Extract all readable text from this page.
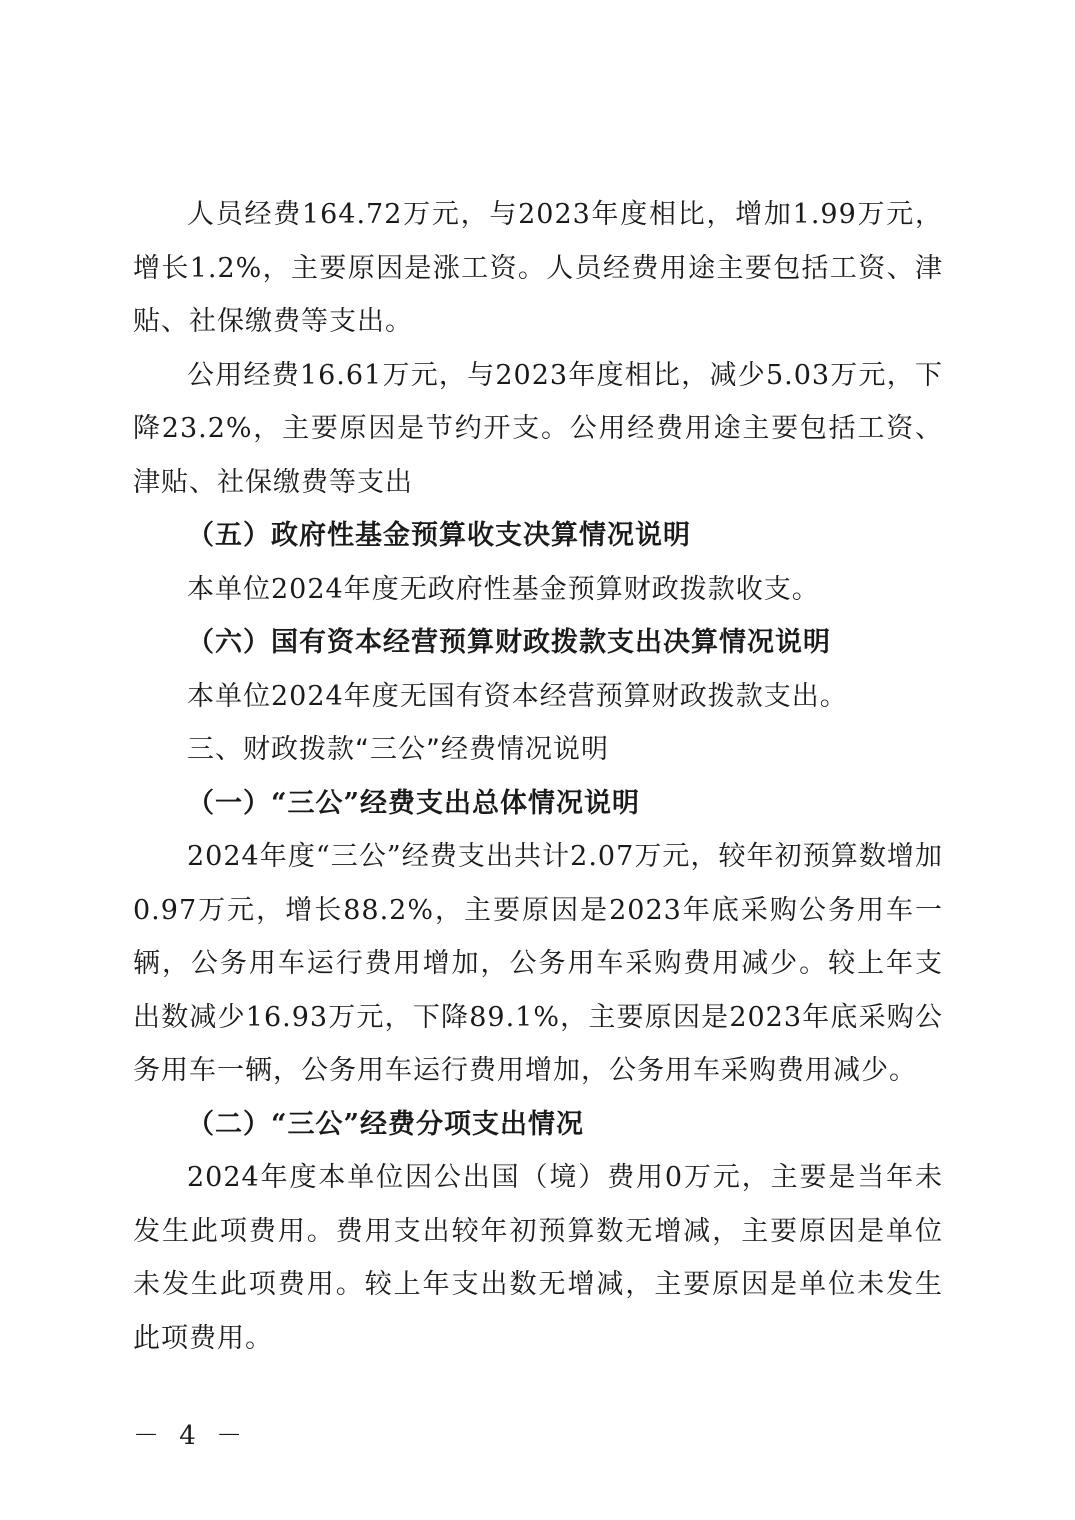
人员经费164.72万元，与2023年度相比，增加1.99万元，增长1.2%，主要原因是涨工资。人员经费用途主要包括工资、津贴、社保缴费等支出。

公用经费16.61万元，与2023年度相比，减少5.03万元，下降23.2%，主要原因是节约开支。公用经费用途主要包括工资、津贴、社保缴费等支出

（五）政府性基金预算收支决算情况说明

本单位2024年度无政府性基金预算财政拨款收支。

（六）国有资本经营预算财政拨款支出决算情况说明

本单位2024年度无国有资本经营预算财政拨款支出。

三、财政拨款“三公”经费情况说明

（一）“三公”经费支出总体情况说明

2024年度“三公”经费支出共计2.07万元，较年初预算数增加0.97万元，增长88.2%，主要原因是2023年底采购公务用车一辆，公务用车运行费用增加，公务用车采购费用减少。较上年支出数减少16.93万元，下降89.1%，主要原因是2023年底采购公务用车一辆，公务用车运行费用增加，公务用车采购费用减少。

（二）“三公”经费分项支出情况

2024年度本单位因公出国（境）费用0万元，主要是当年未发生此项费用。费用支出较年初预算数无增减，主要原因是单位未发生此项费用。较上年支出数无增减，主要原因是单位未发生此项费用。

－ 4 －
